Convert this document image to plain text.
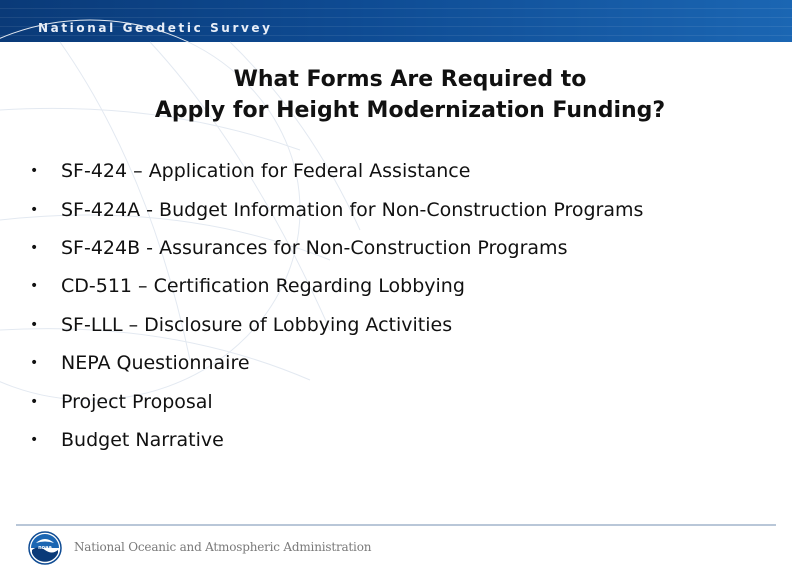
National Geodetic Survey
What Forms Are Required to
Apply for Height Modernization Funding?
•	SF-424 – Application for Federal Assistance
•	SF-424A - Budget Information for Non-Construction Programs
•	SF-424B - Assurances for Non-Construction Programs
•	CD-511 – Certification Regarding Lobbying
•	SF-LLL – Disclosure of Lobbying Activities
•	NEPA Questionnaire
•	Project Proposal
•	Budget Narrative
noaa National Oceanic and Atmospheric Administration
